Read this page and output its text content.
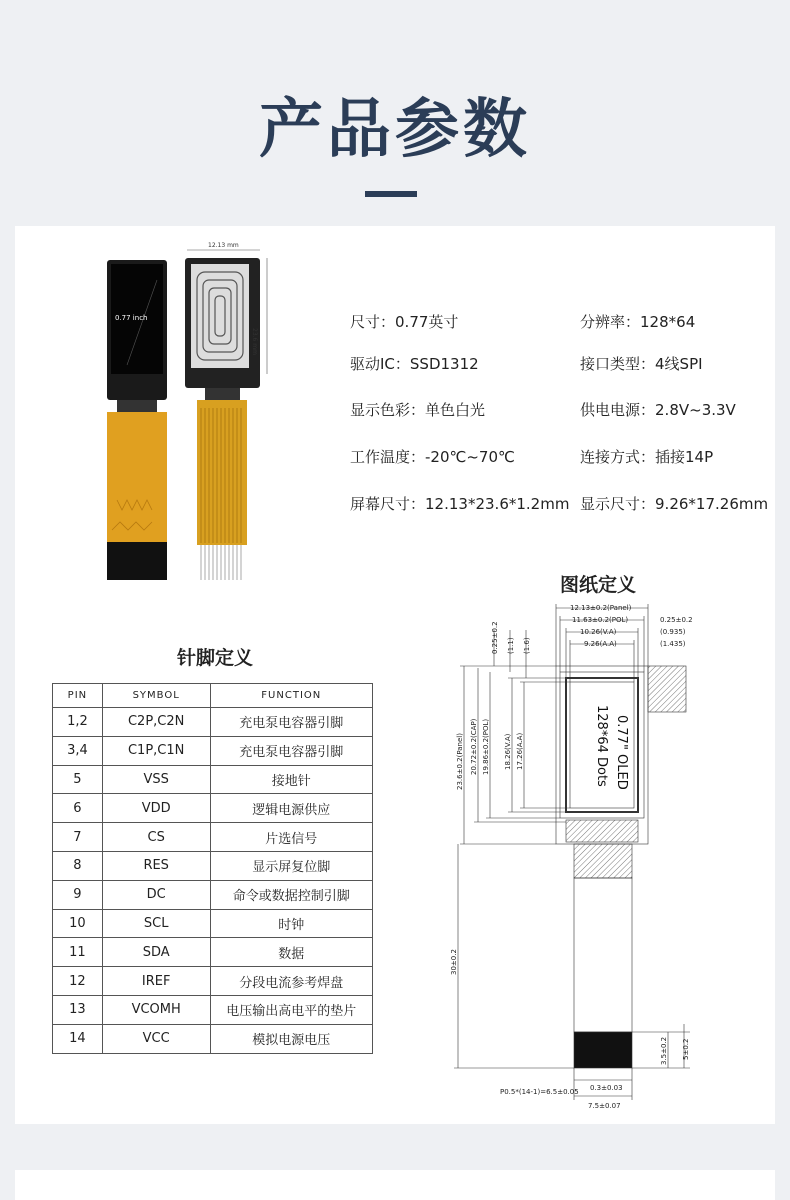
产品参数
0.77 inch
12.13 mm
23.6 mm
尺寸：0.77英寸	分辨率：128*64
驱动IC：SSD1312	接口类型：4线SPI
显示色彩：单色白光	供电电源：2.8V~3.3V
工作温度：-20℃~70℃	连接方式：插接14P
屏幕尺寸：12.13*23.6*1.2mm 显示尺寸：9.26*17.26mm
针脚定义
图纸定义
PIN	SYMBOL	FUNCTION
1,2	C2P,C2N	充电泵电容器引脚
3,4	C1P,C1N	充电泵电容器引脚
5	VSS	接地针
6	VDD	逻辑电源供应
7	CS	片选信号
8	RES	显示屏复位脚
9	DC	命令或数据控制引脚
10	SCL	时钟
11	SDA	数据
12	IREF	分段电流参考焊盘
13	VCOMH	电压输出高电平的垫片
14	VCC	模拟电源电压
0.77" OLED
128*64 Dots
12.13±0.2(Panel)
11.63±0.2(POL)
10.26(V.A)
9.26(A.A)
0.25±0.2
(0.935)
(1.435)
0.25±0.2 (1.1) (1.6)
23.6±0.2(Panel) 20.72±0.2(CAP) 19.86±0.2(POL) 18.26(V.A) 17.26(A.A)
30±0.2
3.5±0.2 5±0.2
P0.5*(14-1)=6.5±0.05 0.3±0.03
7.5±0.07
